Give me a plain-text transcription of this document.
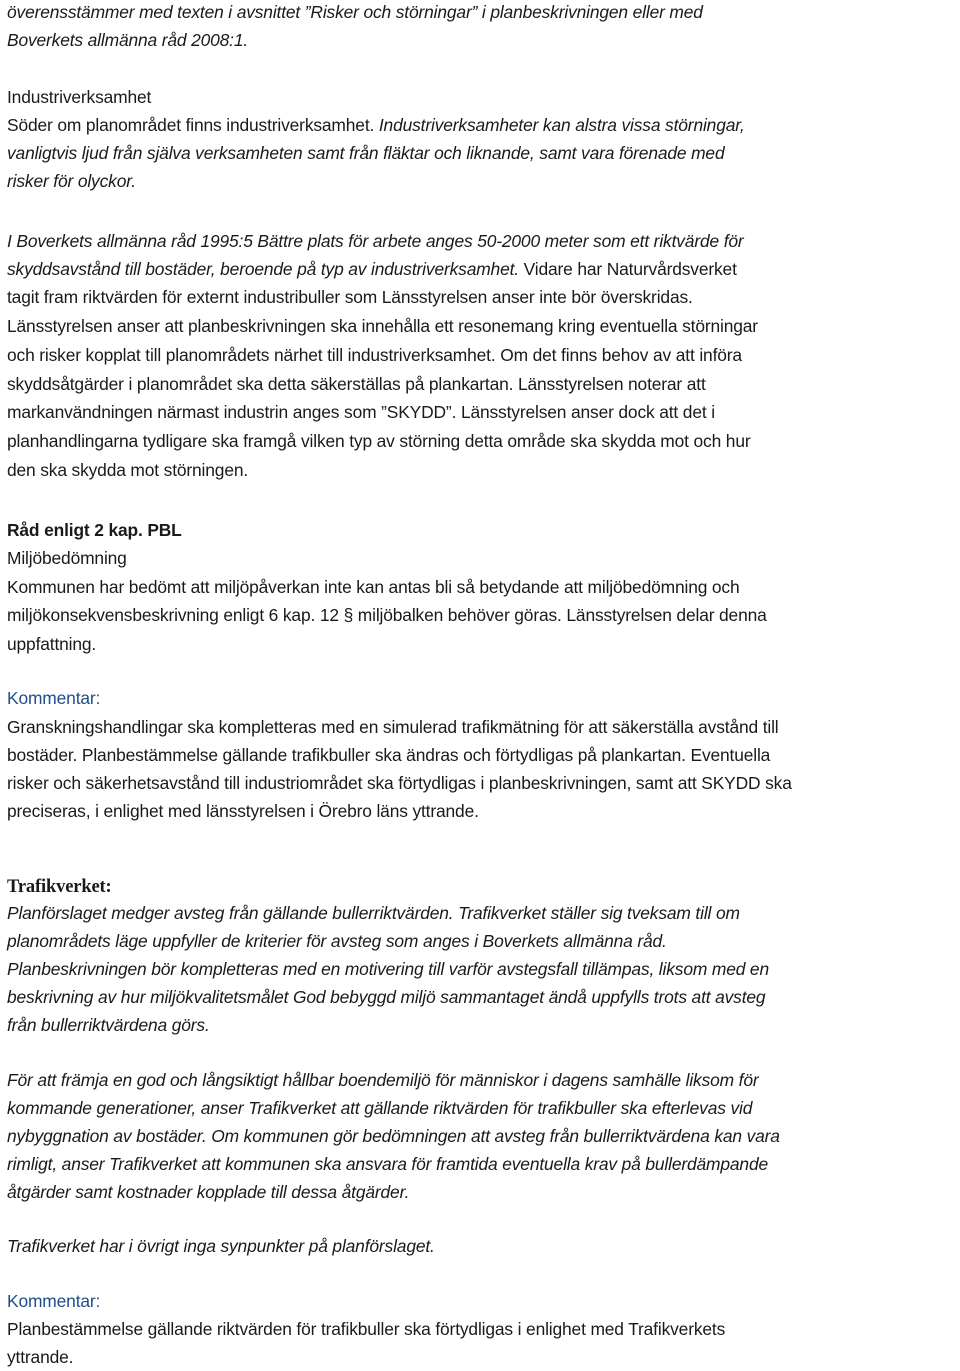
överensstämmer med texten i avsnittet ”Risker och störningar” i planbeskrivningen eller med
Boverkets allmänna råd 2008:1.
Industriverksamhet
Söder om planområdet finns industriverksamhet. Industriverksamheter kan alstra vissa störningar,
vanligtvis ljud från själva verksamheten samt från fläktar och liknande, samt vara förenade med
risker för olyckor.
I Boverkets allmänna råd 1995:5 Bättre plats för arbete anges 50-2000 meter som ett riktvärde för
skyddsavstånd till bostäder, beroende på typ av industriverksamhet. Vidare har Naturvårdsverket
tagit fram riktvärden för externt industribuller som Länsstyrelsen anser inte bör överskridas.
Länsstyrelsen anser att planbeskrivningen ska innehålla ett resonemang kring eventuella störningar
och risker kopplat till planområdets närhet till industriverksamhet. Om det finns behov av att införa
skyddsåtgärder i planområdet ska detta säkerställas på plankartan. Länsstyrelsen noterar att
markanvändningen närmast industrin anges som ”SKYDD”. Länsstyrelsen anser dock att det i
planhandlingarna tydligare ska framgå vilken typ av störning detta område ska skydda mot och hur
den ska skydda mot störningen.
Råd enligt 2 kap. PBL
Miljöbedömning
Kommunen har bedömt att miljöpåverkan inte kan antas bli så betydande att miljöbedömning och
miljökonsekvensbeskrivning enligt 6 kap. 12 § miljöbalken behöver göras. Länsstyrelsen delar denna
uppfattning.
Kommentar:
Granskningshandlingar ska kompletteras med en simulerad trafikmätning för att säkerställa avstånd till
bostäder. Planbestämmelse gällande trafikbuller ska ändras och förtydligas på plankartan. Eventuella
risker och säkerhetsavstånd till industriområdet ska förtydligas i planbeskrivningen, samt att SKYDD ska
preciseras, i enlighet med länsstyrelsen i Örebro läns yttrande.
Trafikverket:
Planförslaget medger avsteg från gällande bullerriktvärden. Trafikverket ställer sig tveksam till om
planområdets läge uppfyller de kriterier för avsteg som anges i Boverkets allmänna råd.
Planbeskrivningen bör kompletteras med en motivering till varför avstegsfall tillämpas, liksom med en
beskrivning av hur miljökvalitetsmålet God bebyggd miljö sammantaget ändå uppfylls trots att avsteg
från bullerriktvärdena görs.
För att främja en god och långsiktigt hållbar boendemiljö för människor i dagens samhälle liksom för
kommande generationer, anser Trafikverket att gällande riktvärden för trafikbuller ska efterlevas vid
nybyggnation av bostäder. Om kommunen gör bedömningen att avsteg från bullerriktvärdena kan vara
rimligt, anser Trafikverket att kommunen ska ansvara för framtida eventuella krav på bullerdämpande
åtgärder samt kostnader kopplade till dessa åtgärder.
Trafikverket har i övrigt inga synpunkter på planförslaget.
Kommentar:
Planbestämmelse gällande riktvärden för trafikbuller ska förtydligas i enlighet med Trafikverkets
yttrande.
